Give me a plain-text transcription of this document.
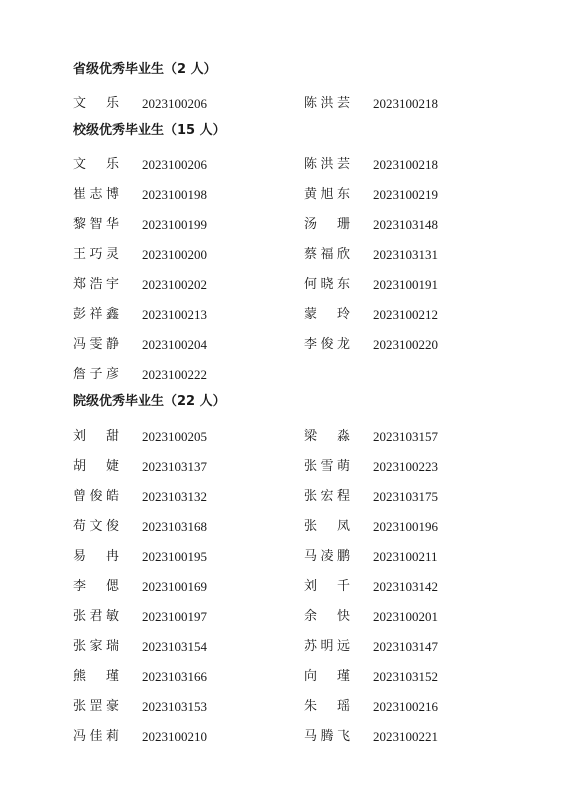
省级优秀毕业生（2 人）
文　乐 2023100206	陈洪芸 2023100218
校级优秀毕业生（15 人）
文　乐 2023100206	陈洪芸 2023100218
崔志博 2023100198	黄旭东 2023100219
黎智华 2023100199	汤　珊 2023103148
王巧灵 2023100200	蔡福欣 2023103131
郑浩宇 2023100202	何晓东 2023100191
彭祥鑫 2023100213	蒙　玲 2023100212
冯雯静 2023100204	李俊龙 2023100220
詹子彦 2023100222
院级优秀毕业生（22 人）
刘　甜 2023100205	梁　淼 2023103157
胡　婕 2023103137	张雪萌 2023100223
曾俊皓 2023103132	张宏程 2023103175
苟文俊 2023103168	张　凤 2023100196
易　冉 2023100195	马凌鹏 2023100211
李　偲 2023100169	刘　千 2023103142
张君敏 2023100197	余　快 2023100201
张家瑞 2023103154	苏明远 2023103147
熊　瑾 2023103166	向　瑾 2023103152
张罡豪 2023103153	朱　瑶 2023100216
冯佳莉 2023100210	马腾飞 2023100221
